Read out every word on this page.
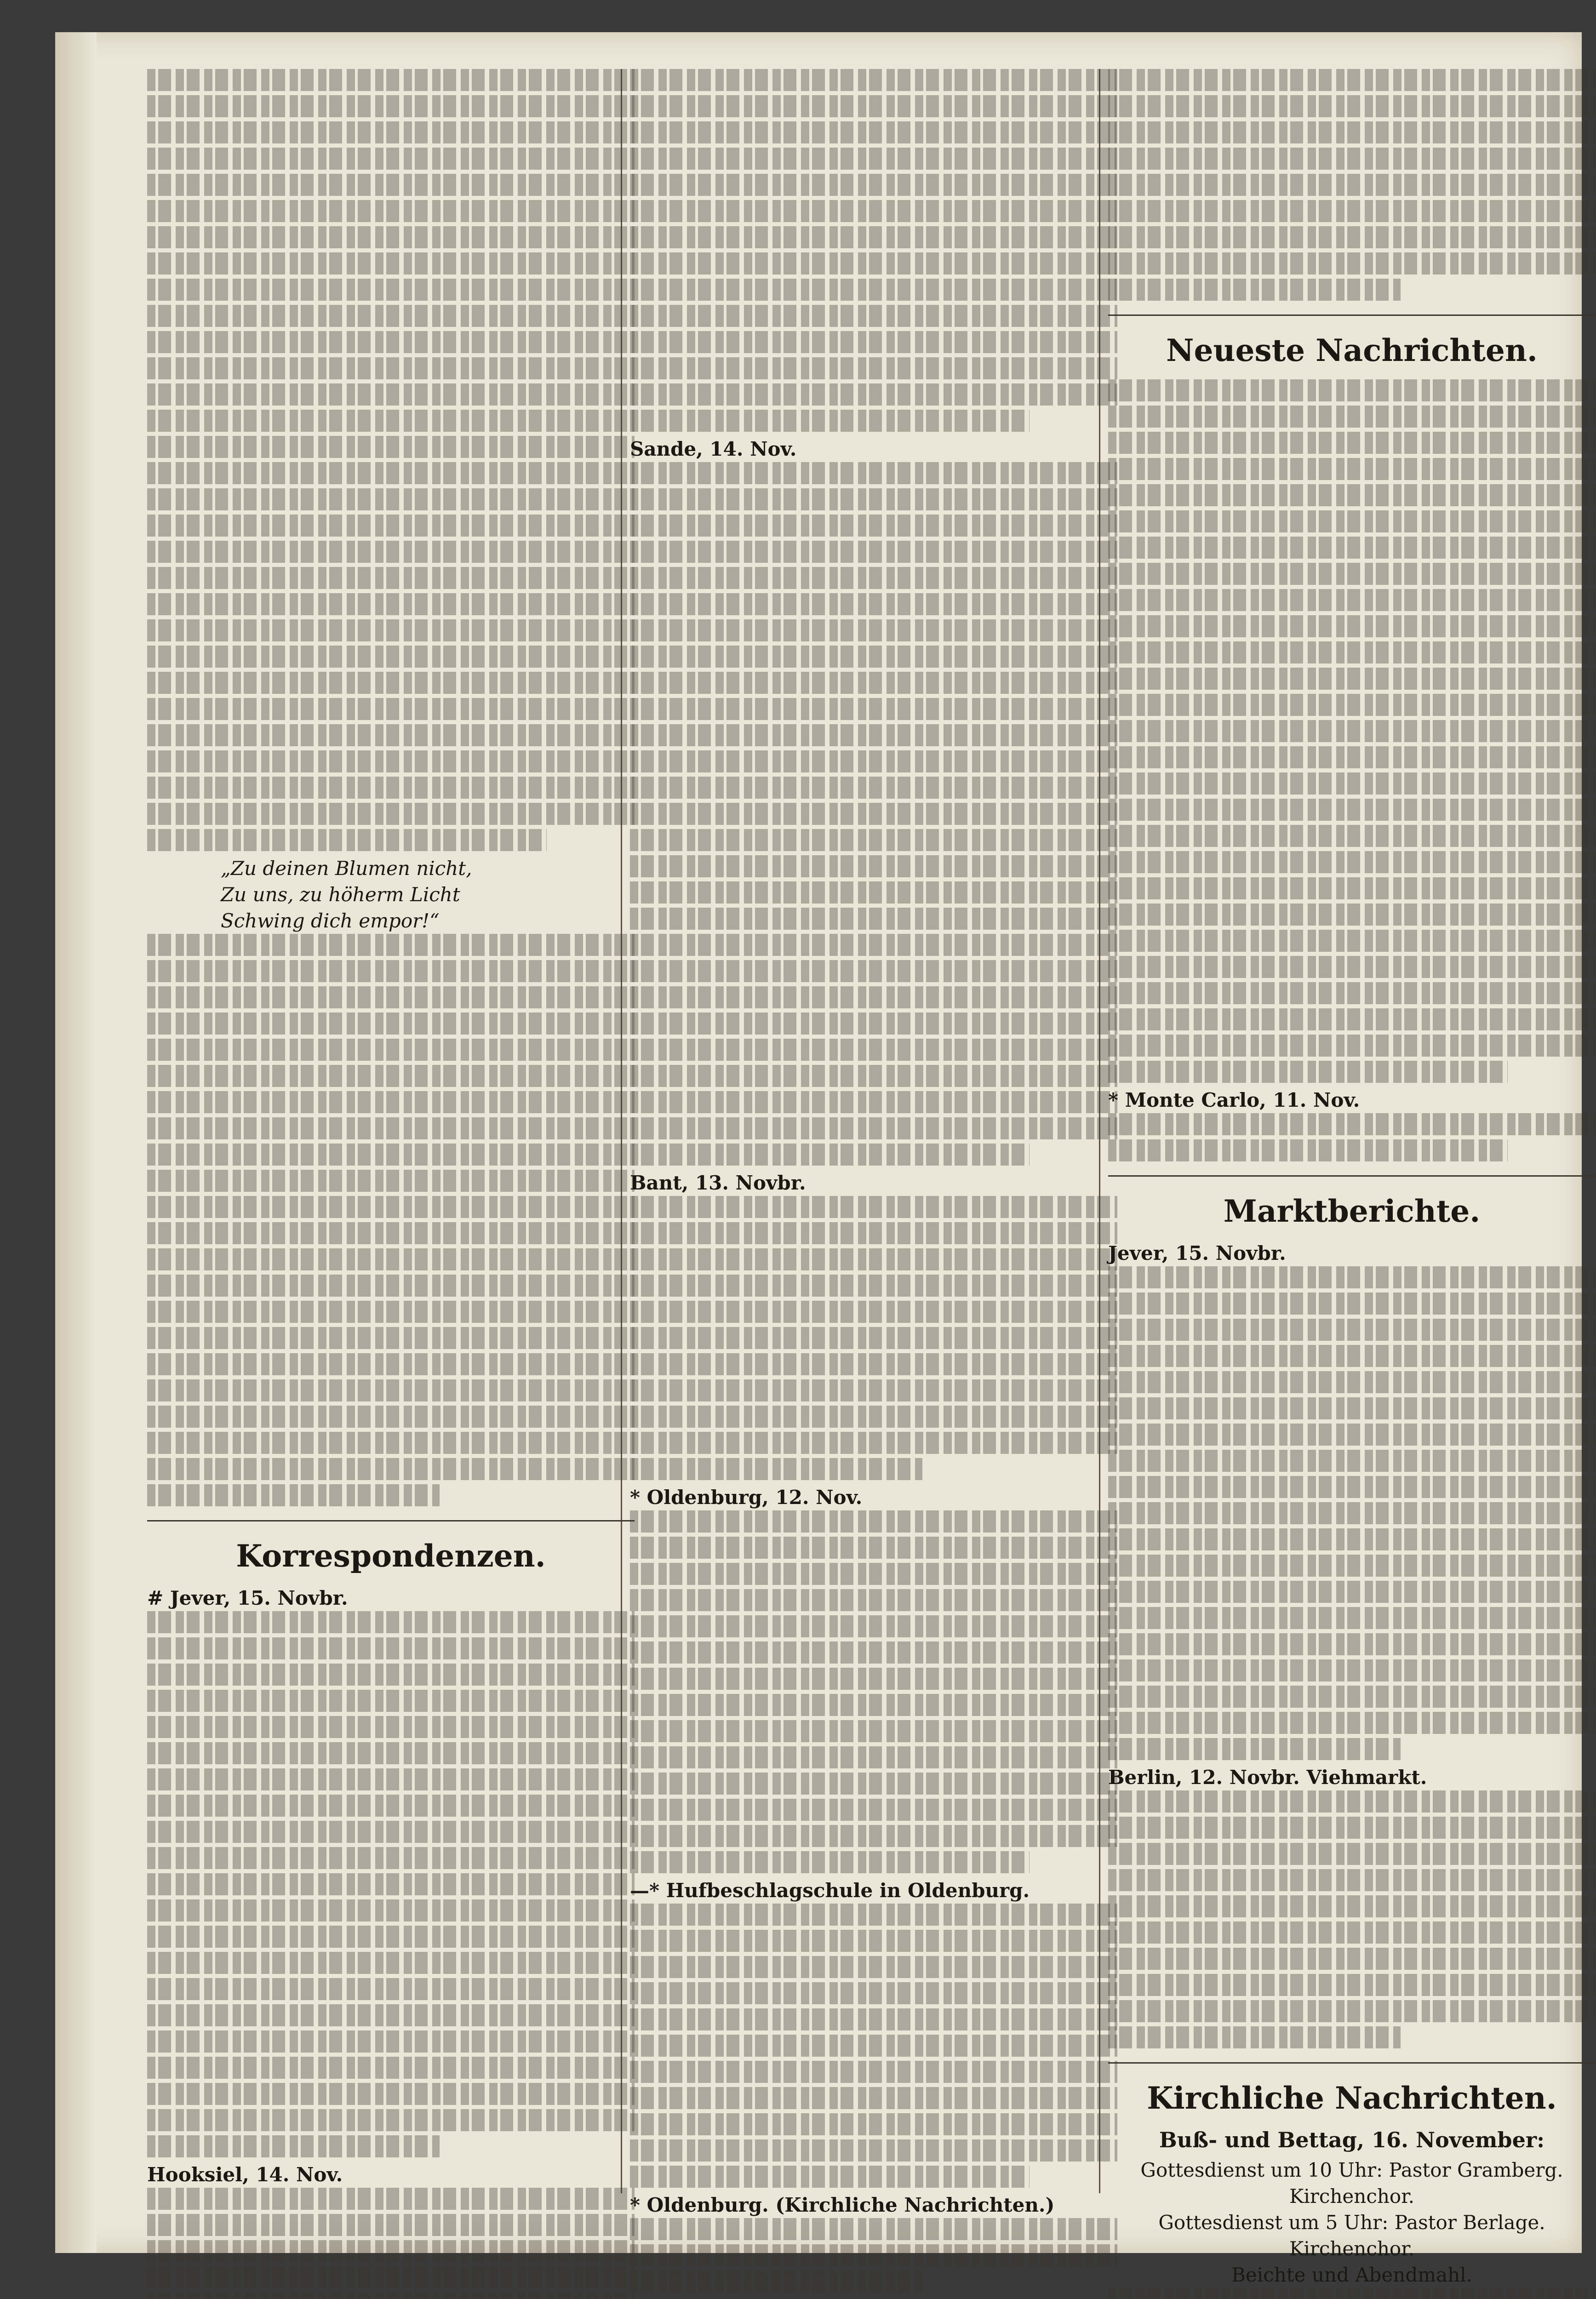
„Zu deinen Blumen nicht,
Zu uns, zu höherm Licht
Schwing dich empor!“
Korrespondenzen.
# Jever, 15. Novbr.
Hooksiel, 14. Nov.
Sande, 14. Nov.
Bant, 13. Novbr.
* Oldenburg, 12. Nov.
—* Hufbeschlagschule in Oldenburg.
* Oldenburg. (Kirchliche Nachrichten.)
Neueste Nachrichten.
* Monte Carlo, 11. Nov.
Marktberichte.
Jever, 15. Novbr.
Berlin, 12. Novbr. Viehmarkt.
Kirchliche Nachrichten.
Buß- und Bettag, 16. November:
Gottesdienst um 10 Uhr: Pastor Gramberg.
Kirchenchor.
Gottesdienst um 5 Uhr: Pastor Berlage.
Kirchenchor.
Beichte und Abendmahl.
